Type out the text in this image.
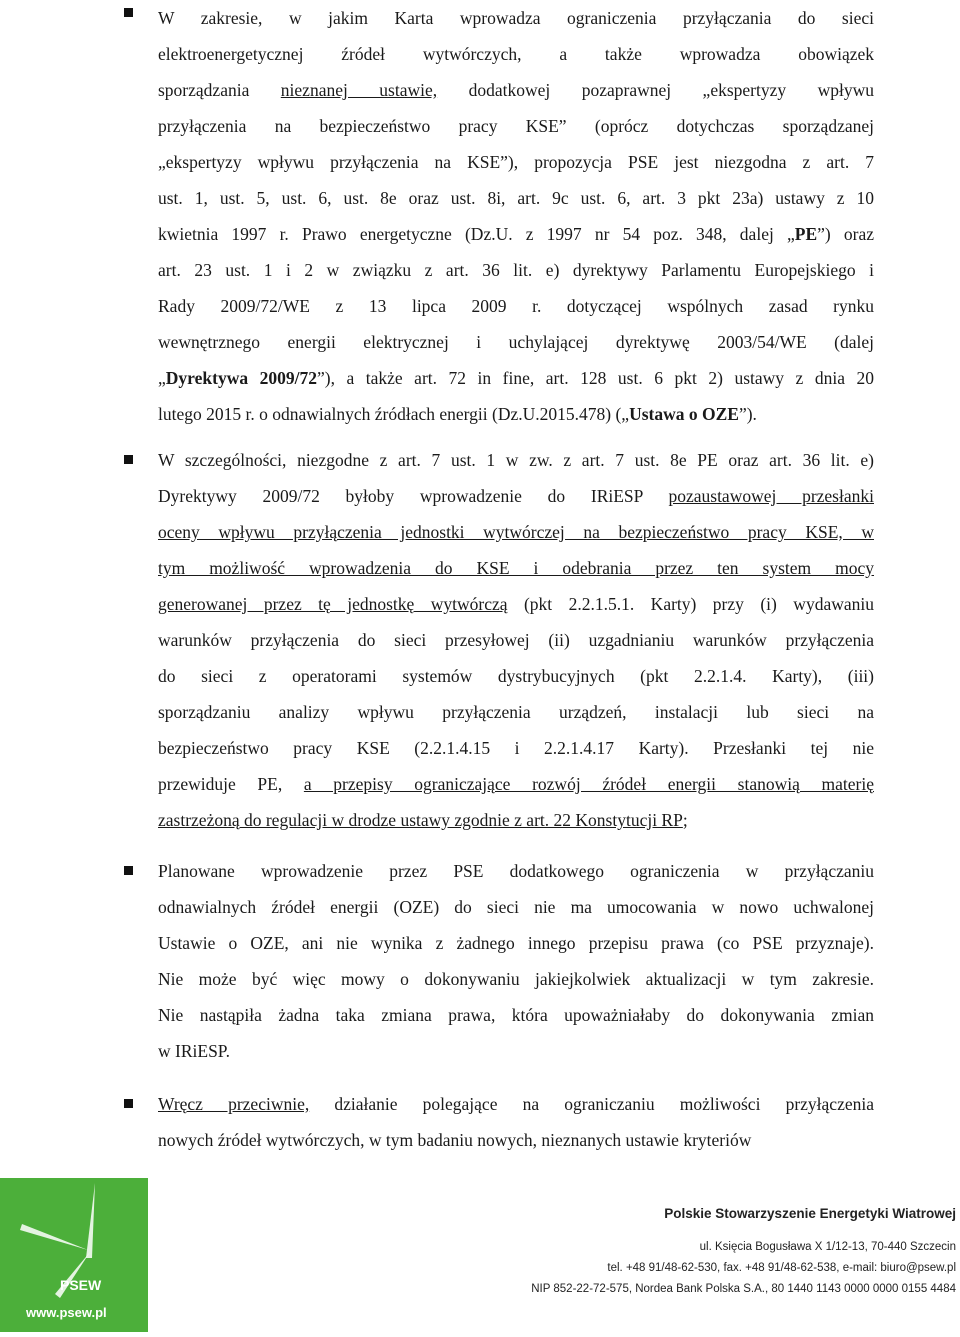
W zakresie, w jakim Karta wprowadza ograniczenia przyłączania do sieci
elektroenergetycznej źródeł wytwórczych, a także wprowadza obowiązek
sporządzania nieznanej ustawie, dodatkowej pozaprawnej „ekspertyzy wpływu
przyłączenia na bezpieczeństwo pracy KSE” (oprócz dotychczas sporządzanej
„ekspertyzy wpływu przyłączenia na KSE”), propozycja PSE jest niezgodna z art. 7
ust. 1, ust. 5, ust. 6, ust. 8e oraz ust. 8i, art. 9c ust. 6, art. 3 pkt 23a) ustawy z 10
kwietnia 1997 r. Prawo energetyczne (Dz.U. z 1997 nr 54 poz. 348, dalej „PE”) oraz
art. 23 ust. 1 i 2 w związku z art. 36 lit. e) dyrektywy Parlamentu Europejskiego i
Rady 2009/72/WE z 13 lipca 2009 r. dotyczącej wspólnych zasad rynku
wewnętrznego energii elektrycznej i uchylającej dyrektywę 2003/54/WE (dalej
„Dyrektywa 2009/72”), a także art. 72 in fine, art. 128 ust. 6 pkt 2) ustawy z dnia 20
lutego 2015 r. o odnawialnych źródłach energii (Dz.U.2015.478) („Ustawa o OZE”).
W szczególności, niezgodne z art. 7 ust. 1 w zw. z art. 7 ust. 8e PE oraz art. 36 lit. e)
Dyrektywy 2009/72 byłoby wprowadzenie do IRiESP pozaustawowej przesłanki
oceny wpływu przyłączenia jednostki wytwórczej na bezpieczeństwo pracy KSE, w
tym możliwość wprowadzenia do KSE i odebrania przez ten system mocy
generowanej przez tę jednostkę wytwórczą (pkt 2.2.1.5.1. Karty) przy (i) wydawaniu
warunków przyłączenia do sieci przesyłowej (ii) uzgadnianiu warunków przyłączenia
do sieci z operatorami systemów dystrybucyjnych (pkt 2.2.1.4. Karty), (iii)
sporządzaniu analizy wpływu przyłączenia urządzeń, instalacji lub sieci na
bezpieczeństwo pracy KSE (2.2.1.4.15 i 2.2.1.4.17 Karty). Przesłanki tej nie
przewiduje PE, a przepisy ograniczające rozwój źródeł energii stanowią materię
zastrzeżoną do regulacji w drodze ustawy zgodnie z art. 22 Konstytucji RP;
Planowane wprowadzenie przez PSE dodatkowego ograniczenia w przyłączaniu
odnawialnych źródeł energii (OZE) do sieci nie ma umocowania w nowo uchwalonej
Ustawie o OZE, ani nie wynika z żadnego innego przepisu prawa (co PSE przyznaje).
Nie może być więc mowy o dokonywaniu jakiejkolwiek aktualizacji w tym zakresie.
Nie nastąpiła żadna taka zmiana prawa, która upoważniałaby do dokonywania zmian
w IRiESP.
Wręcz przeciwnie, działanie polegające na ograniczaniu możliwości przyłączenia
nowych źródeł wytwórczych, w tym badaniu nowych, nieznanych ustawie kryteriów
PSEW
www.psew.pl
Polskie Stowarzyszenie Energetyki Wiatrowej
ul. Księcia Bogusława X 1/12-13, 70-440 Szczecin
tel. +48 91/48-62-530, fax. +48 91/48-62-538, e-mail: biuro@psew.pl
NIP 852-22-72-575, Nordea Bank Polska S.A., 80 1440 1143 0000 0000 0155 4484
